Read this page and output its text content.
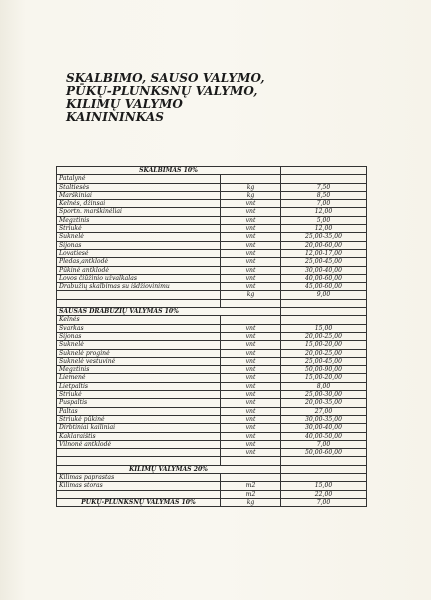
SKALBIMO, SAUSO VALYMO,
PŪKŲ-PLUNKSNŲ VALYMO,
KILIMŲ VALYMO
KAINININKAS
SKALBIMAS 10%		
Patalynė		
Staltiesės	kg	7,50
Marškiniai	kg	8,50
Kelnės, džinsai	vnt	7,00
Sportn. marškinėliai	vnt	12,00
Megztinis	vnt	5,00
Striukė	vnt	12,00
Suknelė	vnt	25,00-35,00
Sijonas	vnt	20,00-60,00
Lovatiesė	vnt	12,00-17,00
Pledas,antklodė	vnt	25,00-45,00
Pūkinė antklodė	vnt	30,00-40,00
Lovos čiūžinio užvalkalas	vnt	40,00-60,00
Drabužių skalbimas su išdžiovinimu	vnt	45,00-60,00
	kg	9,00

SAUSAS DRABUŽIŲ VALYMAS 10%		
Kelnės		
Švarkas	vnt	15,00
Sijonas	vnt	20,00-25,00
Suknelė	vnt	15,00-20,00
Suknelė proginė	vnt	20,00-25,00
Suknelė vestuvinė	vnt	25,00-45,00
Megztinis	vnt	50,00-90,00
Liemenė	vnt	15,00-20,00
Lietpaltis	vnt	8,00
Striukė	vnt	25,00-30,00
Puspaltis	vnt	20,00-35,00
Paltas	vnt	27,00
Striukė pūkinė	vnt	30,00-35,00
Dirbtiniai kailiniai	vnt	30,00-40,00
Kaklaraištis	vnt	40,00-50,00
Vilnonė antklodė	vnt	7,00
	vnt	50,00-60,00

KILIMŲ VALYMAS 20%		
Kilimas paprastas		
Kilimas storas	m2	15,00
	m2	22,00
PŪKŲ-PLUNKSNŲ VALYMAS 10%	kg	7,00
